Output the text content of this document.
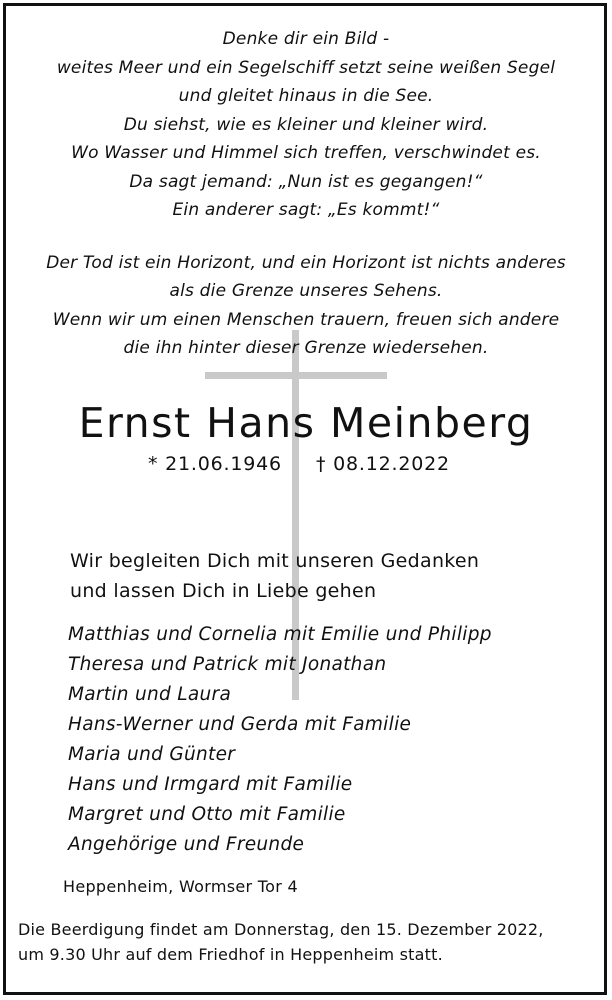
Denke dir ein Bild -
weites Meer und ein Segelschiff setzt seine weißen Segel
und gleitet hinaus in die See.
Du siehst, wie es kleiner und kleiner wird.
Wo Wasser und Himmel sich treffen, verschwindet es.
Da sagt jemand: „Nun ist es gegangen!“
Ein anderer sagt: „Es kommt!“
Der Tod ist ein Horizont, und ein Horizont ist nichts anderes
als die Grenze unseres Sehens.
Wenn wir um einen Menschen trauern, freuen sich andere
die ihn hinter dieser Grenze wiedersehen.
Ernst Hans Meinberg
* 21.06.1946 † 08.12.2022
Wir begleiten Dich mit unseren Gedanken
und lassen Dich in Liebe gehen
Matthias und Cornelia mit Emilie und Philipp
Theresa und Patrick mit Jonathan
Martin und Laura
Hans-Werner und Gerda mit Familie
Maria und Günter
Hans und Irmgard mit Familie
Margret und Otto mit Familie
Angehörige und Freunde
Heppenheim, Wormser Tor 4
Die Beerdigung findet am Donnerstag, den 15. Dezember 2022,
um 9.30 Uhr auf dem Friedhof in Heppenheim statt.
